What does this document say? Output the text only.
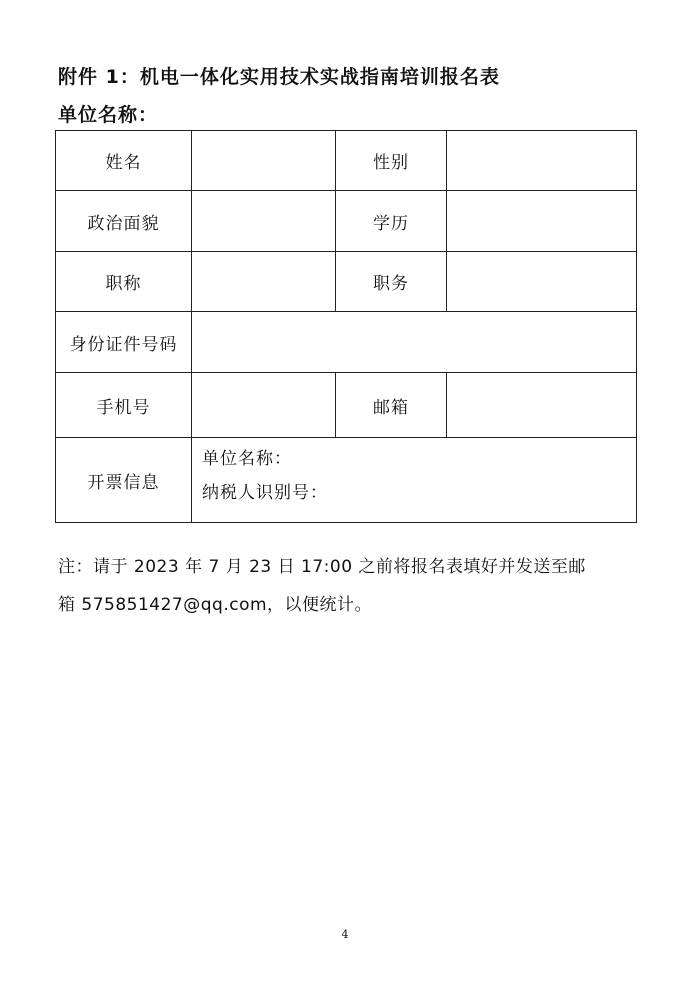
附件 1：机电一体化实用技术实战指南培训报名表
单位名称：
姓名		性别	
政治面貌		学历	
职称		职务	
身份证件号码			
手机号		邮箱	
开票信息	单位名称：
纳税人识别号：		
注：请于 2023 年 7 月 23 日 17:00 之前将报名表填好并发送至邮
箱 575851427@qq.com，以便统计。
4
